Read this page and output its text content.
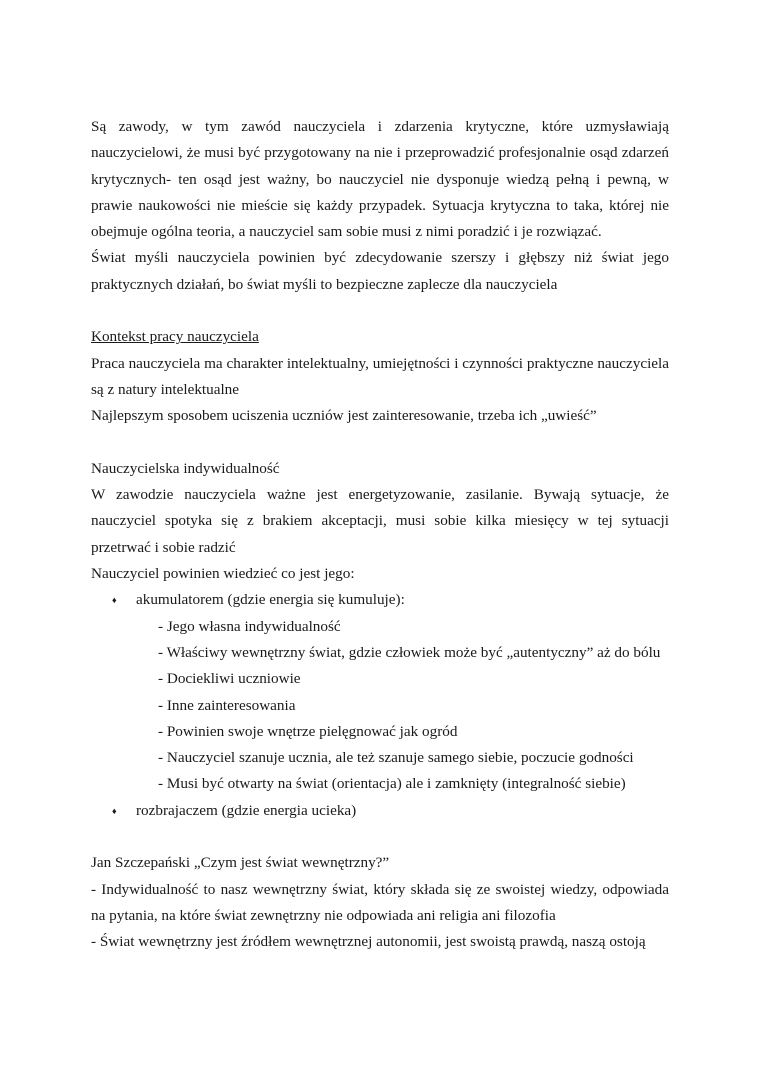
Są zawody, w tym zawód nauczyciela i zdarzenia krytyczne, które uzmysławiają nauczycielowi, że musi być przygotowany na nie i przeprowadzić profesjonalnie osąd zdarzeń krytycznych- ten osąd jest ważny, bo nauczyciel nie dysponuje wiedzą pełną i pewną, w prawie naukowości nie mieście się każdy przypadek. Sytuacja krytyczna to taka, której nie obejmuje ogólna teoria, a nauczyciel sam sobie musi z nimi poradzić i je rozwiązać.

Świat myśli nauczyciela powinien być zdecydowanie szerszy i głębszy niż świat jego praktycznych działań, bo świat myśli to bezpieczne zaplecze dla nauczyciela

Kontekst pracy nauczyciela

Praca nauczyciela ma charakter intelektualny, umiejętności i czynności praktyczne nauczyciela są z natury intelektualne

Najlepszym sposobem uciszenia uczniów jest zainteresowanie, trzeba ich „uwieść”

Nauczycielska indywidualność

W zawodzie nauczyciela ważne jest energetyzowanie, zasilanie. Bywają sytuacje, że nauczyciel spotyka się z brakiem akceptacji, musi sobie kilka miesięcy w tej sytuacji przetrwać i sobie radzić

Nauczyciel powinien wiedzieć co jest jego:

♦ akumulatorem (gdzie energia się kumuluje):
- Jego własna indywidualność
- Właściwy wewnętrzny świat, gdzie człowiek może być „autentyczny” aż do bólu
- Dociekliwi uczniowie
- Inne zainteresowania
- Powinien swoje wnętrze pielęgnować jak ogród
- Nauczyciel szanuje ucznia, ale też szanuje samego siebie, poczucie godności
- Musi być otwarty na świat (orientacja) ale i zamknięty (integralność siebie)
♦ rozbrajaczem (gdzie energia ucieka)

Jan Szczepański „Czym jest świat wewnętrzny?”

- Indywidualność to nasz wewnętrzny świat, który składa się ze swoistej wiedzy, odpowiada na pytania, na które świat zewnętrzny nie odpowiada ani religia ani filozofia

- Świat wewnętrzny jest źródłem wewnętrznej autonomii, jest swoistą prawdą, naszą ostoją
